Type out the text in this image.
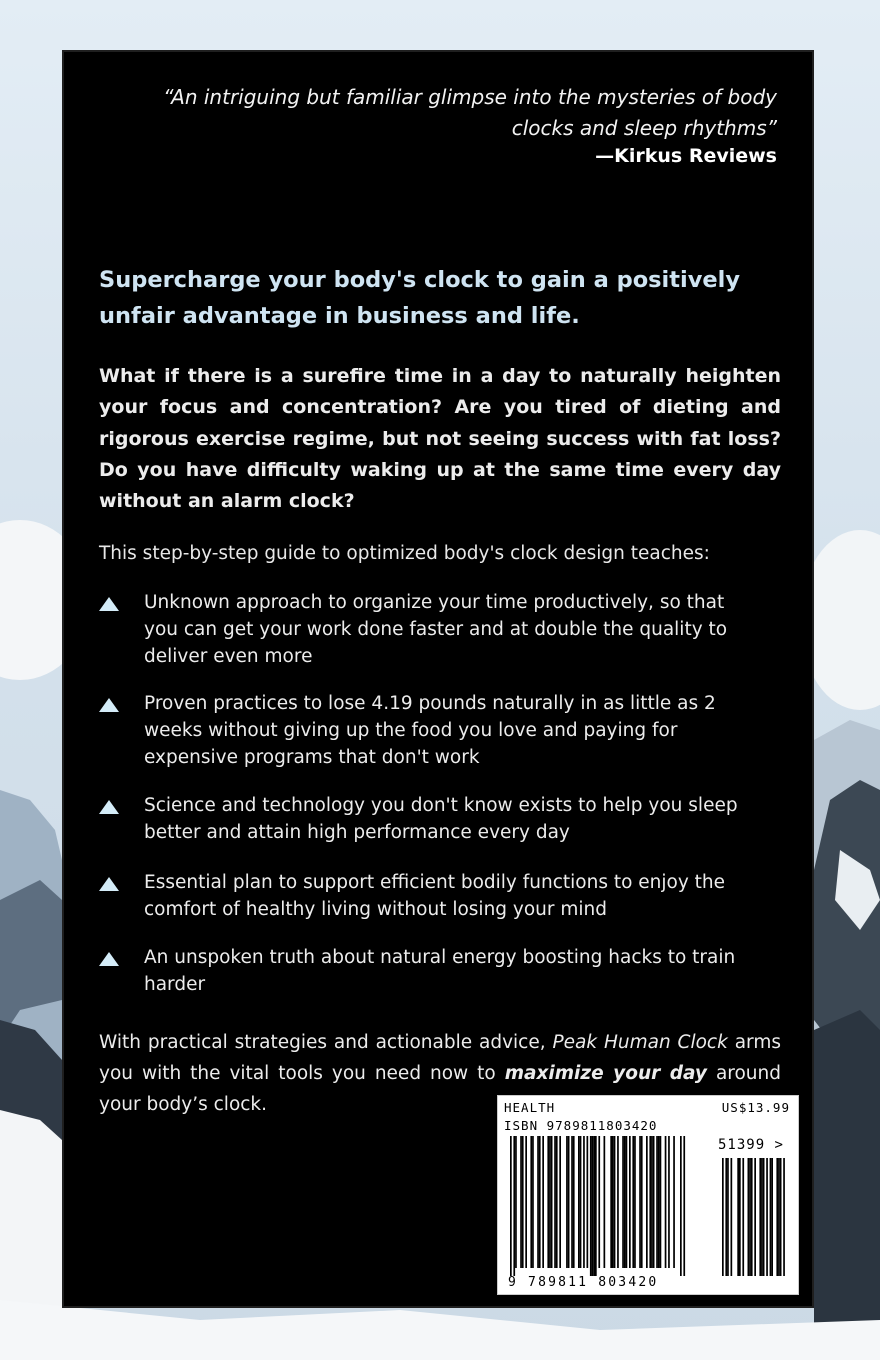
“An intriguing but familiar glimpse into the mysteries of body clocks and sleep rhythms”
—Kirkus Reviews
Supercharge your body's clock to gain a positively unfair advantage in business and life.
What if there is a surefire time in a day to naturally heighten your focus and concentration? Are you tired of dieting and rigorous exercise regime, but not seeing success with fat loss? Do you have difficulty waking up at the same time every day without an alarm clock?
This step-by-step guide to optimized body's clock design teaches:
Unknown approach to organize your time productively, so that you can get your work done faster and at double the quality to deliver even more
Proven practices to lose 4.19 pounds naturally in as little as 2 weeks without giving up the food you love and paying for expensive programs that don't work
Science and technology you don't know exists to help you sleep better and attain high performance every day
Essential plan to support efficient bodily functions to enjoy the comfort of healthy living without losing your mind
An unspoken truth about natural energy boosting hacks to train harder
With practical strategies and actionable advice, Peak Human Clock arms you with the vital tools you need now to maximize your day around your body’s clock.	HEALTH	US$13.99
ISBN 9789811803420
51399 >
9 789811 803420
